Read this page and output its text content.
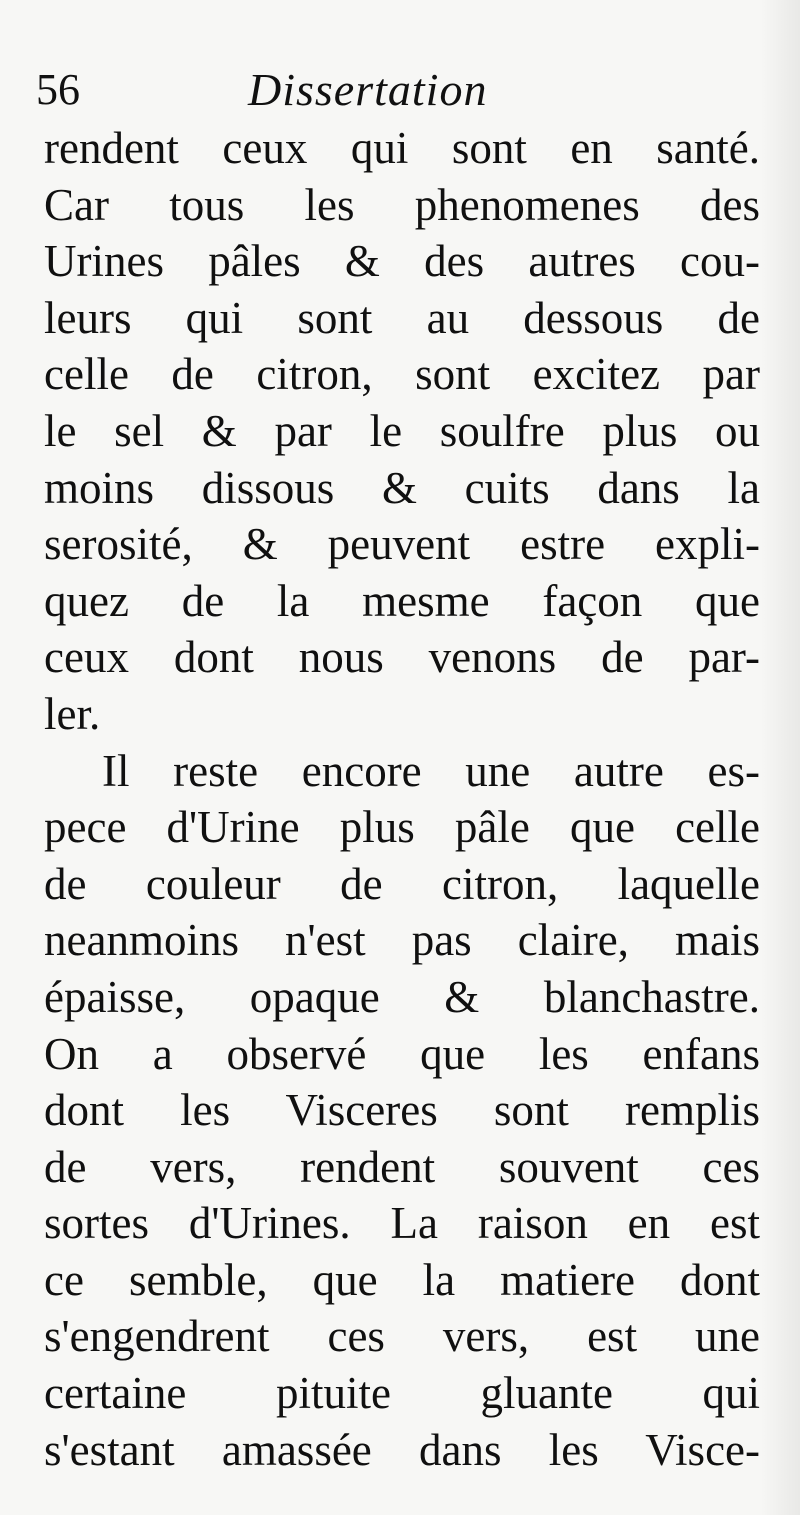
56	Dissertation
rendent ceux qui sont en santé.
Car tous les phenomenes des
Urines pâles & des autres cou-
leurs qui sont au dessous de
celle de citron, sont excitez par
le sel & par le soulfre plus ou
moins dissous & cuits dans la
serosité, & peuvent estre expli-
quez de la mesme façon que
ceux dont nous venons de par-
ler.
Il reste encore une autre es-
pece d'Urine plus pâle que celle
de couleur de citron, laquelle
neanmoins n'est pas claire, mais
épaisse, opaque & blanchastre.
On a observé que les enfans
dont les Visceres sont remplis
de vers, rendent souvent ces
sortes d'Urines. La raison en est
ce semble, que la matiere dont
s'engendrent ces vers, est une
certaine pituite gluante qui
s'estant amassée dans les Visce-
